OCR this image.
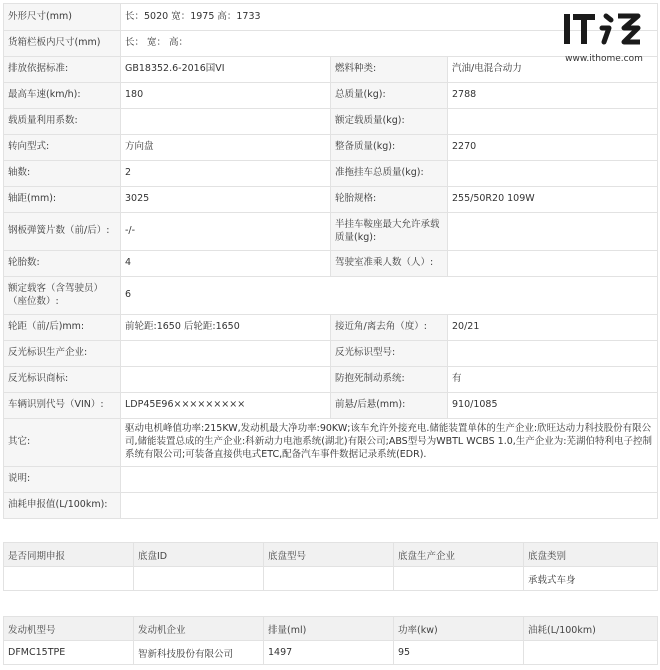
外形尺寸(mm)	长：5020 宽：1975 高：1733		
货箱栏板内尺寸(mm)	长： 宽： 高：		
排放依据标准:	GB18352.6-2016国VI	燃料种类:	汽油/电混合动力
最高车速(km/h):	180	总质量(kg):	2788
载质量利用系数:		额定载质量(kg):	
转向型式:	方向盘	整备质量(kg):	2270
轴数:	2	准拖挂车总质量(kg):	
轴距(mm):	3025	轮胎规格:	255/50R20 109W
钢板弹簧片数（前/后）:	-/-	半挂车鞍座最大允许承载质量(kg):	
轮胎数:	4	驾驶室准乘人数（人）:	
额定载客（含驾驶员）（座位数）:	6		
轮距（前/后)mm:	前轮距:1650 后轮距:1650	接近角/离去角（度）:	20/21
反光标识生产企业:		反光标识型号:	
反光标识商标:		防抱死制动系统:	有
车辆识别代号（VIN）:	LDP45E96×××××××××	前悬/后悬(mm):	910/1085
其它:	驱动电机峰值功率:215KW,发动机最大净功率:90KW;该车允许外接充电.储能装置单体的生产企业:欣旺达动力科技股份有限公司,储能装置总成的生产企业:科新动力电池系统(湖北)有限公司;ABS型号为WBTL WCBS 1.0,生产企业为:芜湖伯特利电子控制系统有限公司;可装备直接供电式ETC,配备汽车事件数据记录系统(EDR).		
说明:			
油耗申报值(L/100km):			
www.ithome.com
是否同期申报	底盘ID	底盘型号	底盘生产企业	底盘类别
				承载式车身
发动机型号	发动机企业	排量(ml)	功率(kw)	油耗(L/100km)
DFMC15TPE	智新科技股份有限公司	1497	95	
